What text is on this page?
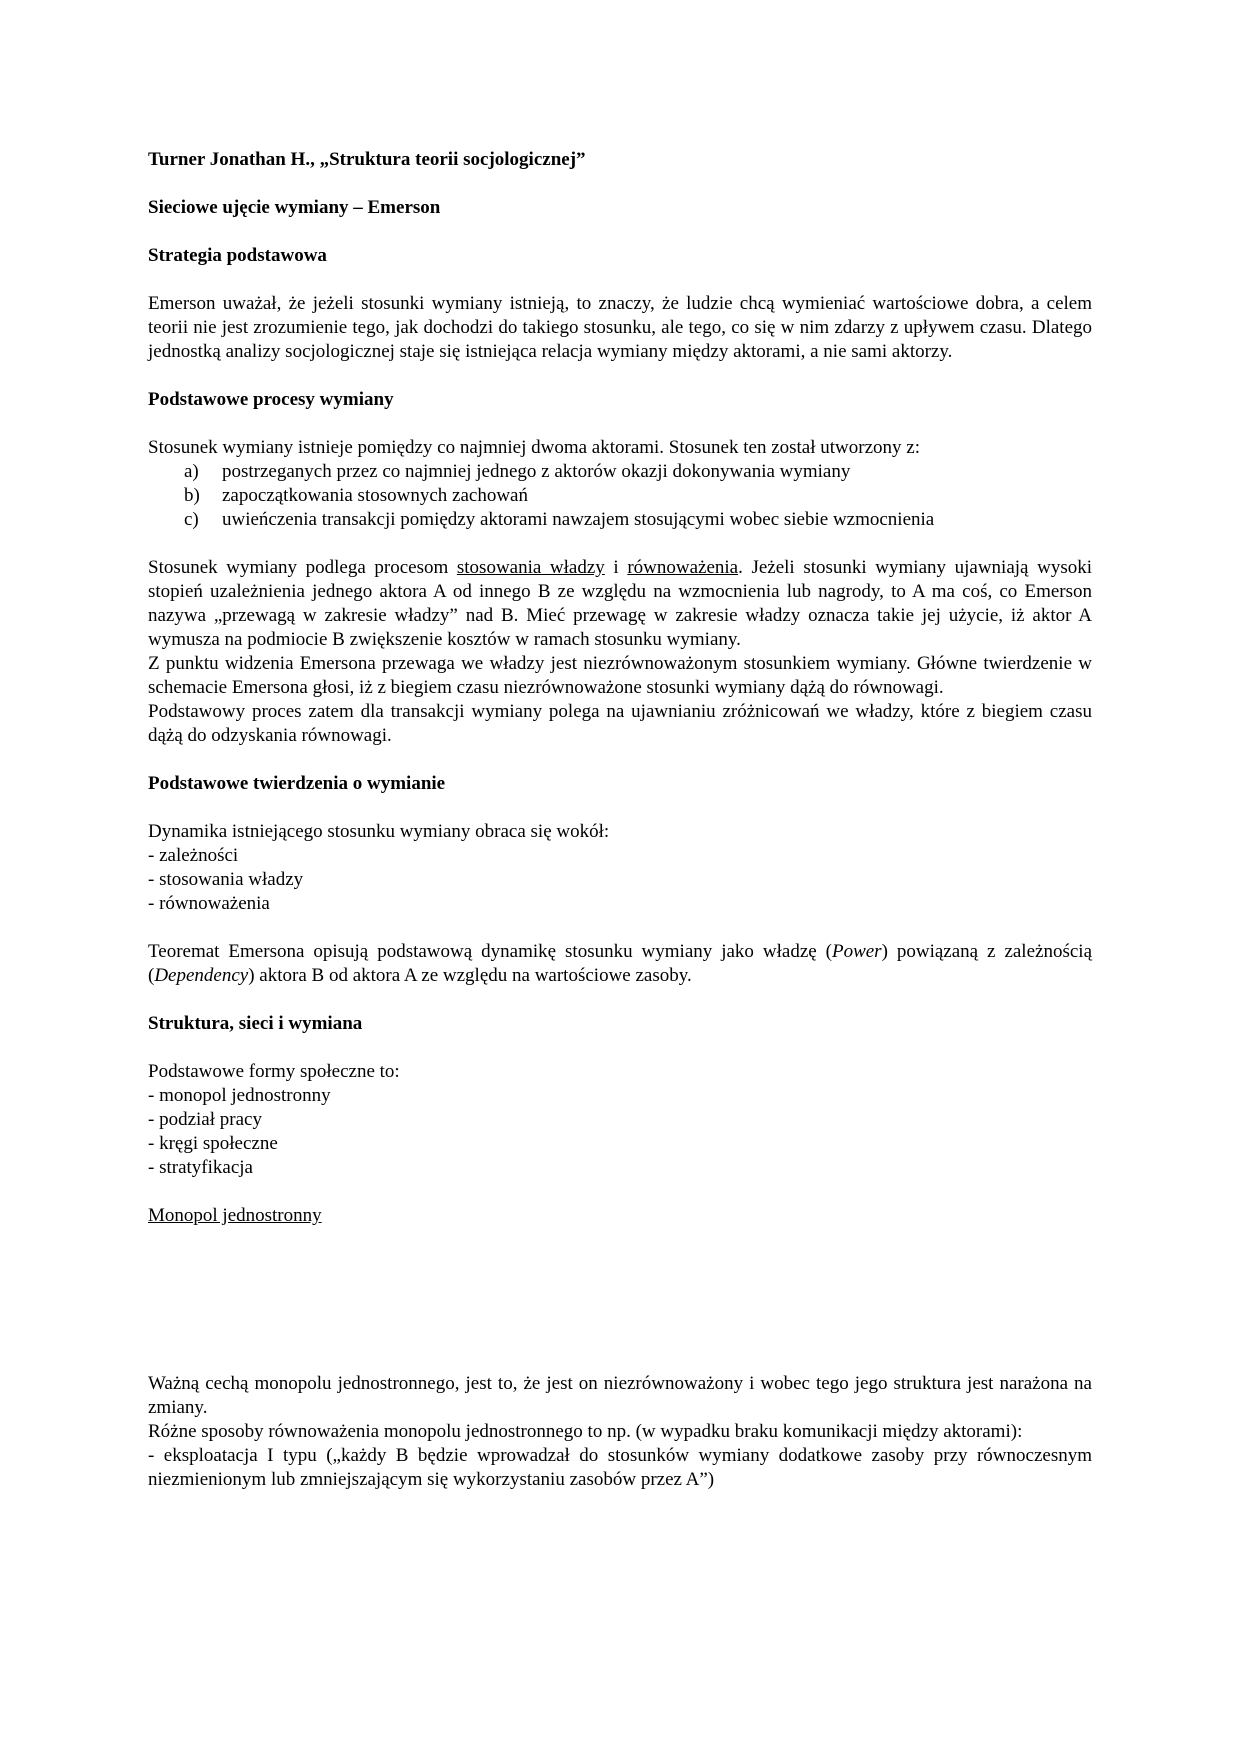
Turner Jonathan H., „Struktura teorii socjologicznej”
Sieciowe ujęcie wymiany – Emerson
Strategia podstawowa

Emerson uważał, że jeżeli stosunki wymiany istnieją, to znaczy, że ludzie chcą wymieniać wartościowe dobra, a celem teorii nie jest zrozumienie tego, jak dochodzi do takiego stosunku, ale tego, co się w nim zdarzy z upływem czasu. Dlatego jednostką analizy socjologicznej staje się istniejąca relacja wymiany między aktorami, a nie sami aktorzy.

Podstawowe procesy wymiany

Stosunek wymiany istnieje pomiędzy co najmniej dwoma aktorami. Stosunek ten został utworzony z:

a)	postrzeganych przez co najmniej jednego z aktorów okazji dokonywania wymiany
b)	zapoczątkowania stosownych zachowań
c)	uwieńczenia transakcji pomiędzy aktorami nawzajem stosującymi wobec siebie wzmocnienia

Stosunek wymiany podlega procesom stosowania władzy i równoważenia. Jeżeli stosunki wymiany ujawniają wysoki stopień uzależnienia jednego aktora A od innego B ze względu na wzmocnienia lub nagrody, to A ma coś, co Emerson nazywa „przewagą w zakresie władzy” nad B. Mieć przewagę w zakresie władzy oznacza takie jej użycie, iż aktor A wymusza na podmiocie B zwiększenie kosztów w ramach stosunku wymiany.

Z punktu widzenia Emersona przewaga we władzy jest niezrównoważonym stosunkiem wymiany. Główne twierdzenie w schemacie Emersona głosi, iż z biegiem czasu niezrównoważone stosunki wymiany dążą do równowagi.

Podstawowy proces zatem dla transakcji wymiany polega na ujawnianiu zróżnicowań we władzy, które z biegiem czasu dążą do odzyskania równowagi.

Podstawowe twierdzenia o wymianie

Dynamika istniejącego stosunku wymiany obraca się wokół:

- zależności
- stosowania władzy
- równoważenia

Teoremat Emersona opisują podstawową dynamikę stosunku wymiany jako władzę (Power) powiązaną z zależnością (Dependency) aktora B od aktora A ze względu na wartościowe zasoby.

Struktura, sieci i wymiana

Podstawowe formy społeczne to:

- monopol jednostronny
- podział pracy
- kręgi społeczne
- stratyfikacja

Monopol jednostronny

Ważną cechą monopolu jednostronnego, jest to, że jest on niezrównoważony i wobec tego jego struktura jest narażona na zmiany.

Różne sposoby równoważenia monopolu jednostronnego to np. (w wypadku braku komunikacji między aktorami):

- eksploatacja I typu („każdy B będzie wprowadzał do stosunków wymiany dodatkowe zasoby przy równoczesnym niezmienionym lub zmniejszającym się wykorzystaniu zasobów przez A”)
